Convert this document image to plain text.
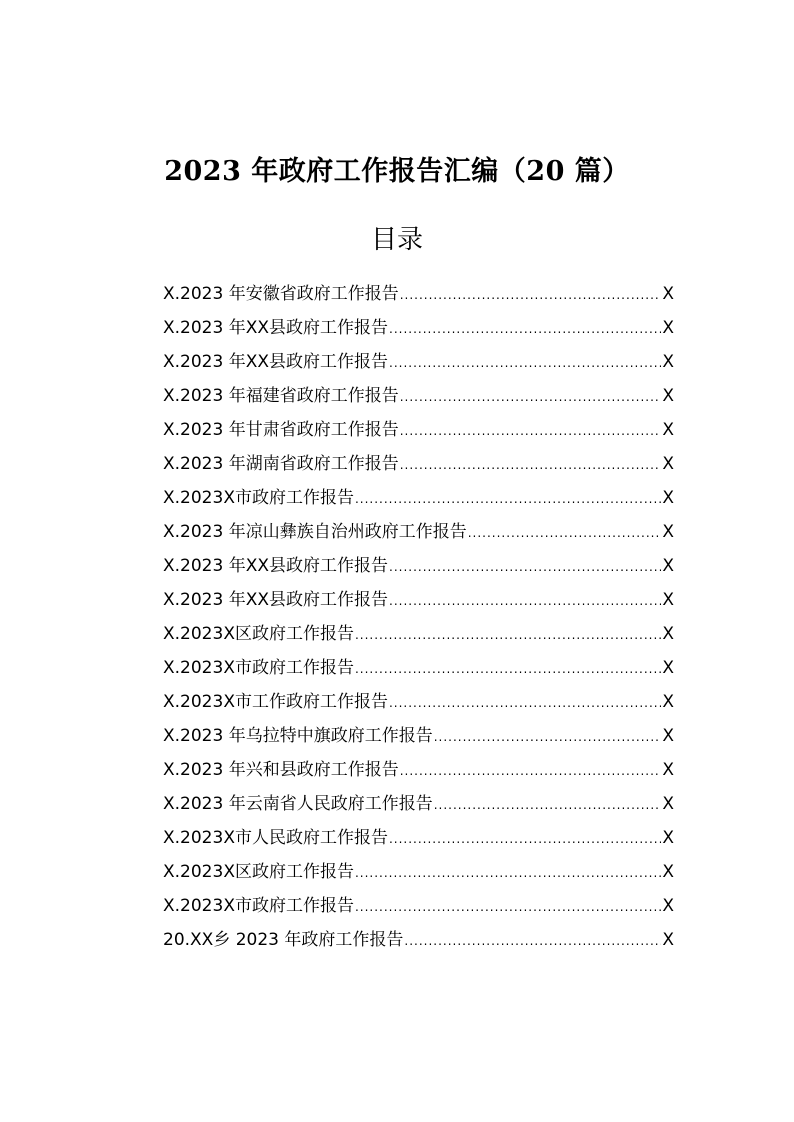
2023 年政府工作报告汇编（20 篇）
目录
X.2023 年安徽省政府工作报告 .....	X
X.2023 年XX县政府工作报告 .....	X
X.2023 年XX县政府工作报告 .....	X
X.2023 年福建省政府工作报告 .....	X
X.2023 年甘肃省政府工作报告 .....	X
X.2023 年湖南省政府工作报告 .....	X
X.2023X市政府工作报告 .....	X
X.2023 年凉山彝族自治州政府工作报告 .....	X
X.2023 年XX县政府工作报告 .....	X
X.2023 年XX县政府工作报告 .....	X
X.2023X区政府工作报告 .....	X
X.2023X市政府工作报告 .....	X
X.2023X市工作政府工作报告 .....	X
X.2023 年乌拉特中旗政府工作报告 .....	X
X.2023 年兴和县政府工作报告 .....	X
X.2023 年云南省人民政府工作报告 .....	X
X.2023X市人民政府工作报告 .....	X
X.2023X区政府工作报告 .....	X
X.2023X市政府工作报告 .....	X
20.XX乡 2023 年政府工作报告 .....	X
